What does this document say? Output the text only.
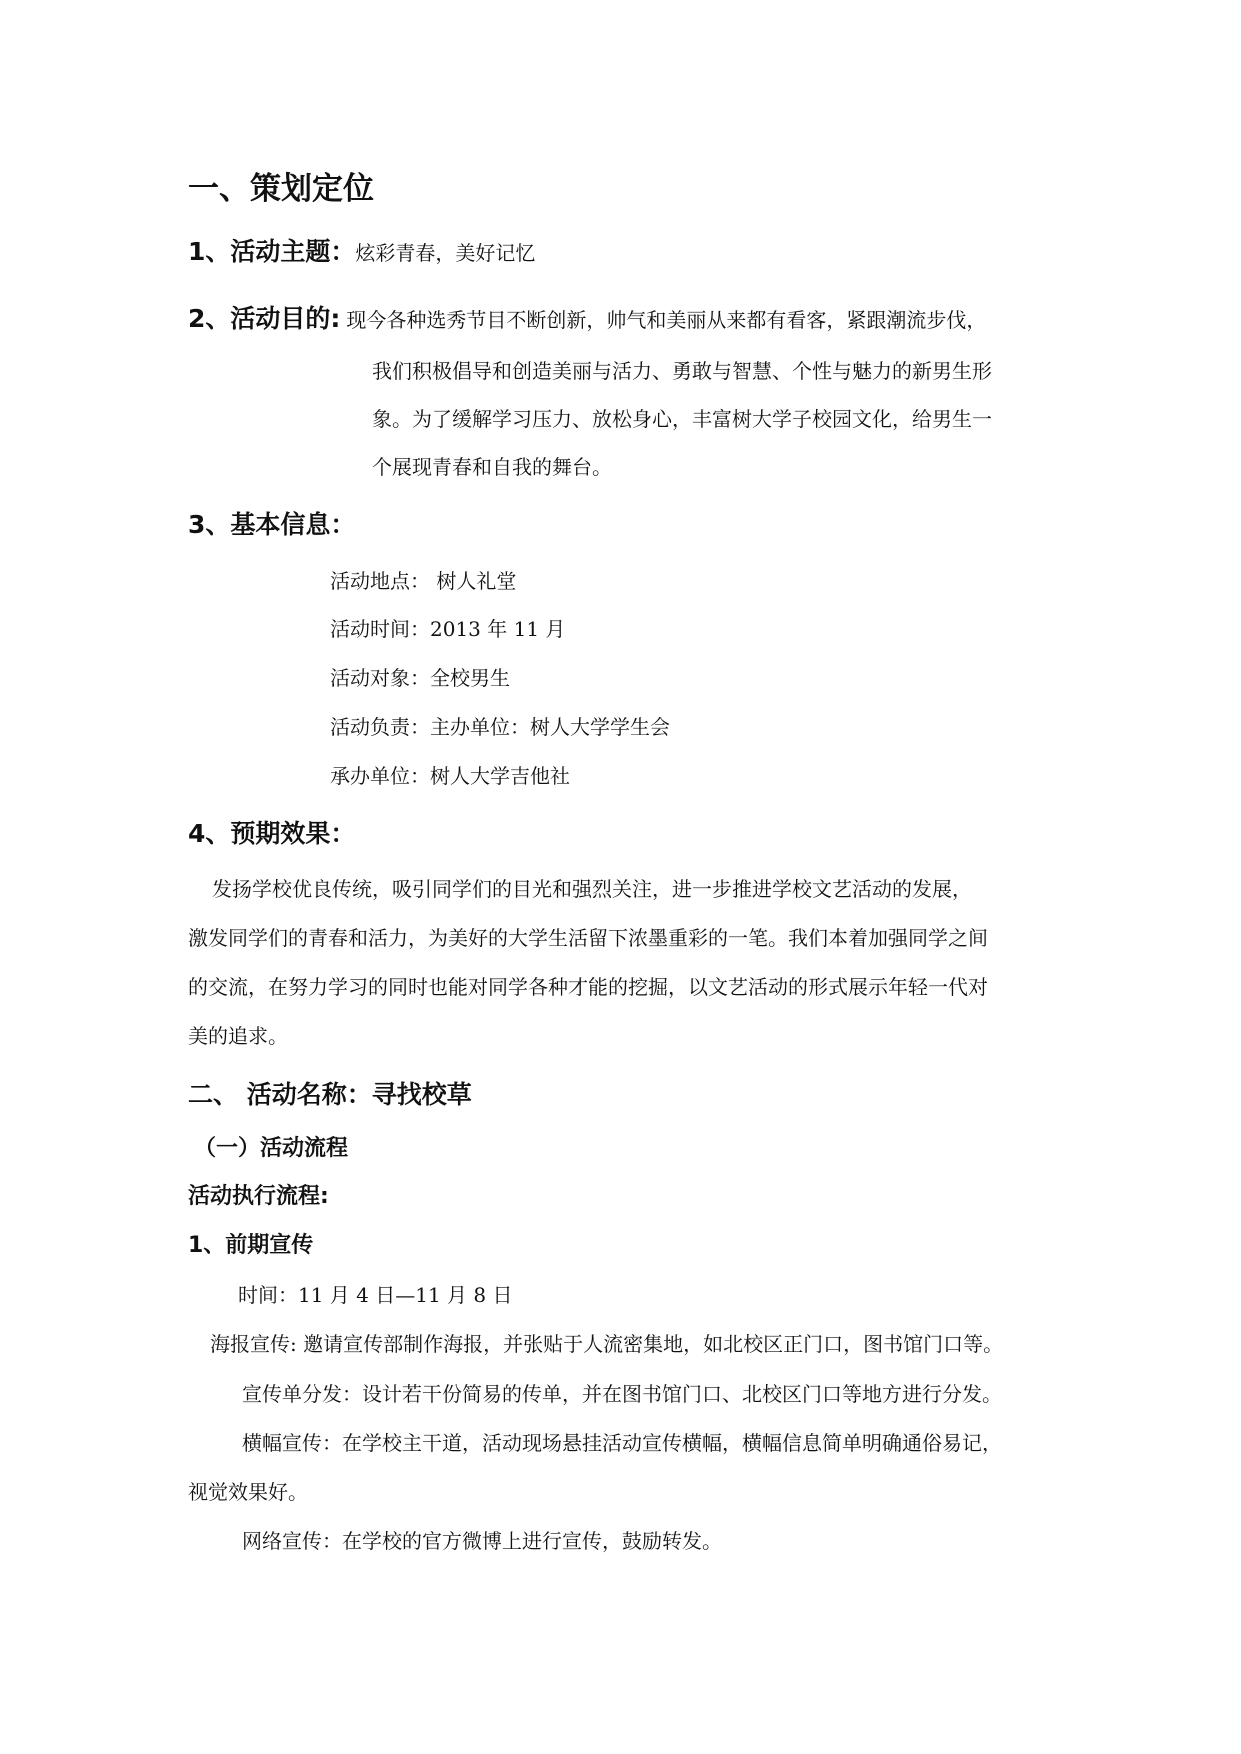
一、策划定位
1、活动主题：炫彩青春，美好记忆
2、活动目的: 现今各种选秀节目不断创新，帅气和美丽从来都有看客，紧跟潮流步伐，
我们积极倡导和创造美丽与活力、勇敢与智慧、个性与魅力的新男生形
象。为了缓解学习压力、放松身心，丰富树大学子校园文化，给男生一
个展现青春和自我的舞台。
3、基本信息：
活动地点： 树人礼堂
活动时间：2013 年 11 月
活动对象：全校男生
活动负责：主办单位：树人大学学生会
承办单位：树人大学吉他社
4、预期效果：
发扬学校优良传统，吸引同学们的目光和强烈关注，进一步推进学校文艺活动的发展，
激发同学们的青春和活力，为美好的大学生活留下浓墨重彩的一笔。我们本着加强同学之间
的交流，在努力学习的同时也能对同学各种才能的挖掘，以文艺活动的形式展示年轻一代对
美的追求。
二、 活动名称：寻找校草
（一）活动流程
活动执行流程:
1、前期宣传
时间：11 月 4 日—11 月 8 日
海报宣传: 邀请宣传部制作海报，并张贴于人流密集地，如北校区正门口，图书馆门口等。
宣传单分发：设计若干份简易的传单，并在图书馆门口、北校区门口等地方进行分发。
横幅宣传：在学校主干道，活动现场悬挂活动宣传横幅，横幅信息简单明确通俗易记，
视觉效果好。
网络宣传：在学校的官方微博上进行宣传，鼓励转发。
